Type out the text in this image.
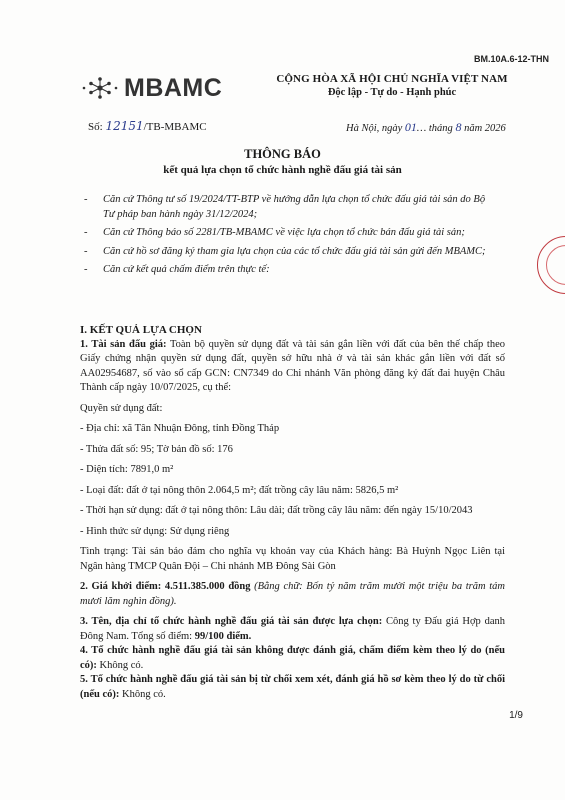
BM.10A.6-12-THN
MBAMC	CỘNG HÒA XÃ HỘI CHỦ NGHĨA VIỆT NAM
Độc lập - Tự do - Hạnh phúc
Số: 12151/TB-MBAMC	Hà Nội, ngày 01… tháng 8 năm 2026
THÔNG BÁO
kết quả lựa chọn tổ chức hành nghề đấu giá tài sản
- Căn cứ Thông tư số 19/2024/TT-BTP về hướng dẫn lựa chọn tổ chức đấu giá tài sản do Bộ Tư pháp ban hành ngày 31/12/2024;
- Căn cứ Thông báo số 2281/TB-MBAMC về việc lựa chọn tổ chức bán đấu giá tài sản;
- Căn cứ hồ sơ đăng ký tham gia lựa chọn của các tổ chức đấu giá tài sản gửi đến MBAMC;
- Căn cứ kết quả chấm điểm trên thực tế:

I. KẾT QUẢ LỰA CHỌN

1. Tài sản đấu giá: Toàn bộ quyền sử dụng đất và tài sản gắn liền với đất của bên thế chấp theo Giấy chứng nhận quyền sử dụng đất, quyền sở hữu nhà ở và tài sản khác gắn liền với đất số AA02954687, số vào sổ cấp GCN: CN7349 do Chi nhánh Văn phòng đăng ký đất đai huyện Châu Thành cấp ngày 10/07/2025, cụ thể:

Quyền sử dụng đất:

- Địa chỉ: xã Tân Nhuận Đông, tỉnh Đồng Tháp

- Thửa đất số: 95; Tờ bản đồ số: 176

- Diện tích: 7891,0 m²

- Loại đất: đất ở tại nông thôn 2.064,5 m²; đất trồng cây lâu năm: 5826,5 m²

- Thời hạn sử dụng: đất ở tại nông thôn: Lâu dài; đất trồng cây lâu năm: đến ngày 15/10/2043

- Hình thức sử dụng: Sử dụng riêng

Tình trạng: Tài sản bảo đảm cho nghĩa vụ khoản vay của Khách hàng: Bà Huỳnh Ngọc Liên tại Ngân hàng TMCP Quân Đội – Chi nhánh MB Đông Sài Gòn

2. Giá khởi điểm: 4.511.385.000 đồng (Bằng chữ: Bốn tỷ năm trăm mười một triệu ba trăm tám mươi lăm nghìn đồng).

3. Tên, địa chỉ tổ chức hành nghề đấu giá tài sản được lựa chọn: Công ty Đấu giá Hợp danh Đông Nam. Tổng số điểm: 99/100 điểm.

4. Tổ chức hành nghề đấu giá tài sản không được đánh giá, chấm điểm kèm theo lý do (nếu có): Không có.

5. Tổ chức hành nghề đấu giá tài sản bị từ chối xem xét, đánh giá hồ sơ kèm theo lý do từ chối (nếu có): Không có.

1/9
